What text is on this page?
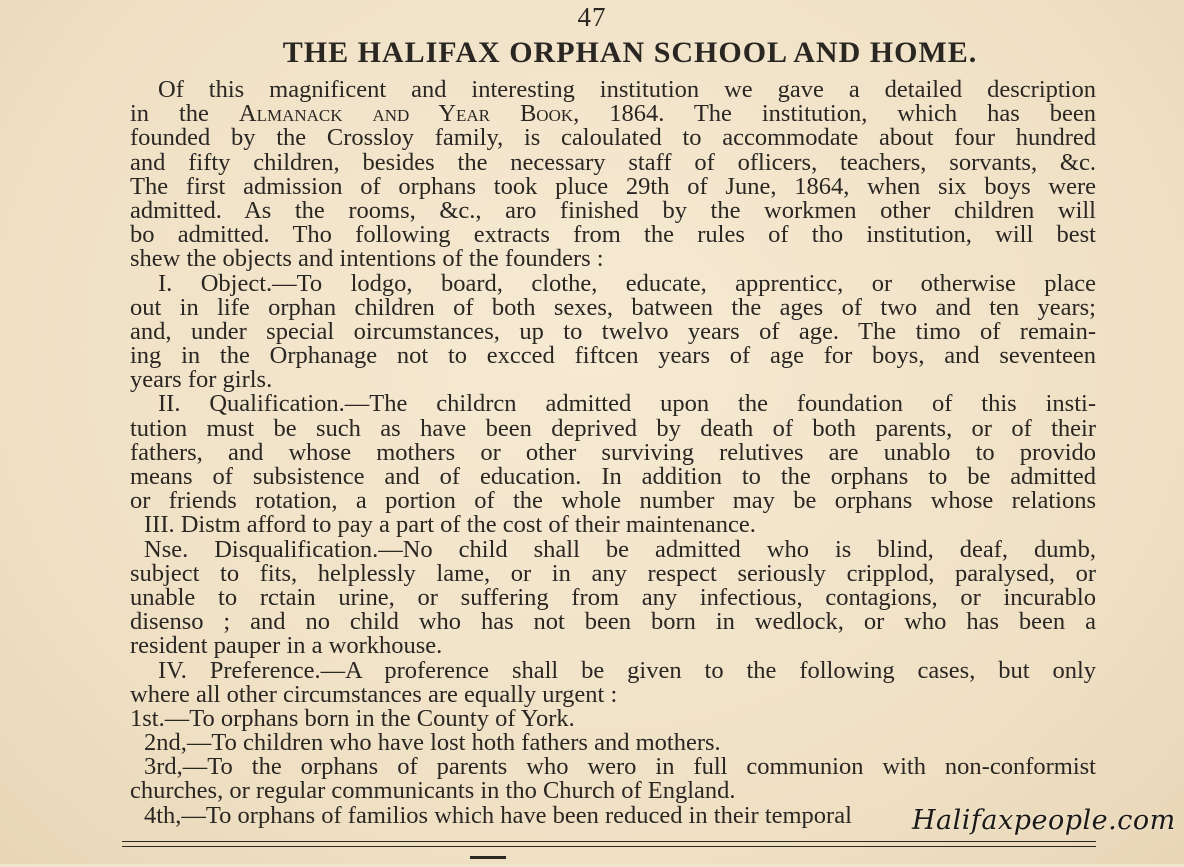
47
THE HALIFAX ORPHAN SCHOOL AND HOME.
Of this magnificent and interesting institution we gave a detailed description
in the Almanack and Year Book, 1864. The institution, which has been
founded by the Crossloy family, is caloulated to accommodate about four hundred
and fifty children, besides the necessary staff of oflicers, teachers, sorvants, &c.
The first admission of orphans took pluce 29th of June, 1864, when six boys were
admitted. As the rooms, &c., aro finished by the workmen other children will
bo admitted. Tho following extracts from the rules of tho institution, will best
shew the objects and intentions of the founders :
I. Object.—To lodgo, board, clothe, educate, apprenticc, or otherwise place
out in life orphan children of both sexes, batween the ages of two and ten years;
and, under special oircumstances, up to twelvo years of age. The timo of remain-
ing in the Orphanage not to excced fiftcen years of age for boys, and seventeen
years for girls.
II. Qualification.—The childrcn admitted upon the foundation of this insti-
tution must be such as have been deprived by death of both parents, or of their
fathers, and whose mothers or other surviving relutives are unablo to provido
means of subsistence and of education. In addition to the orphans to be admitted
or friends rotation, a portion of the whole number may be orphans whose relations
III. Distm afford to pay a part of the cost of their maintenance.
Nse. Disqualification.—No child shall be admitted who is blind, deaf, dumb,
subject to fits, helplessly lame, or in any respect seriously cripplod, paralysed, or
unable to rctain urine, or suffering from any infectious, contagions, or incurablo
disenso ; and no child who has not been born in wedlock, or who has been a
resident pauper in a workhouse.
IV. Preference.—A proference shall be given to the following cases, but only
where all other circumstances are equally urgent :
1st.—To orphans born in the County of York.
2nd,—To children who have lost hoth fathers and mothers.
3rd,—To the orphans of parents who wero in full communion with non-conformist
churches, or regular communicants in tho Church of England.
4th,—To orphans of familios which have been reduced in their temporal	Halifaxpeople.com
